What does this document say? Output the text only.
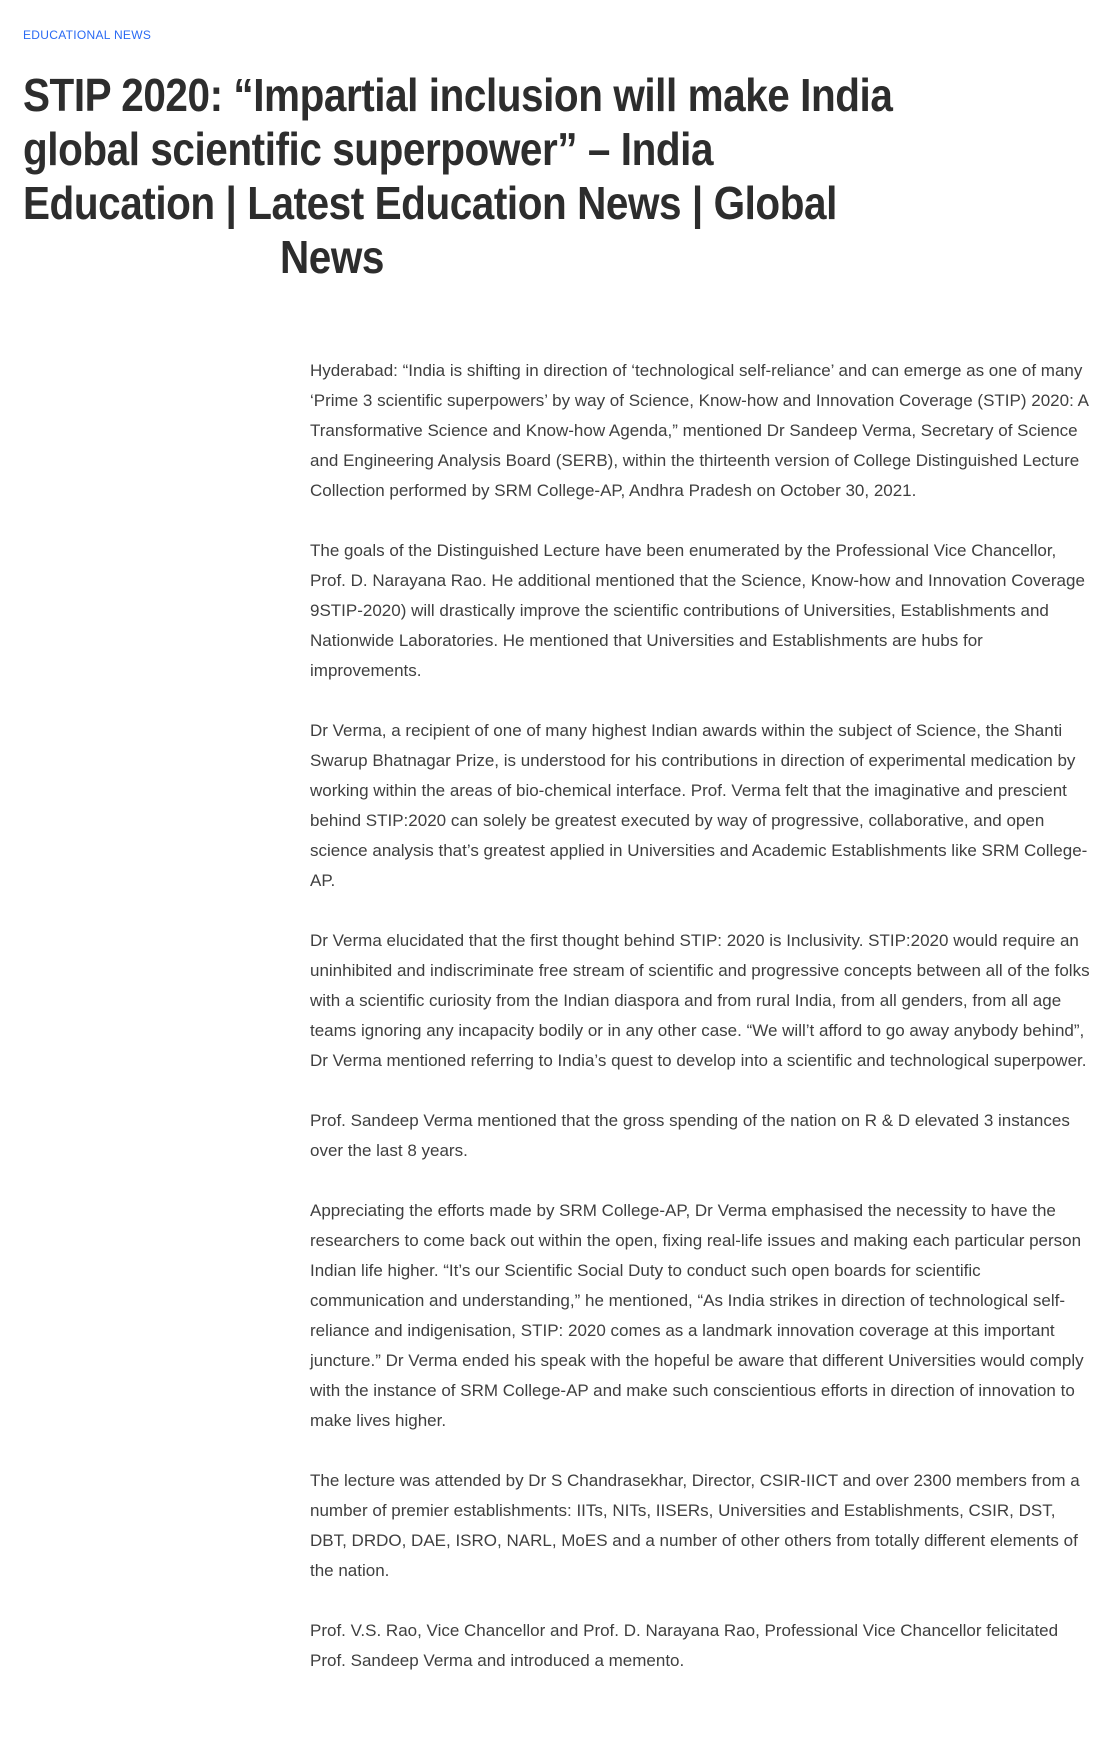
EDUCATIONAL NEWS
STIP 2020: “Impartial inclusion will make India
global scientific superpower” – India
Education | Latest Education News | Global
News

Hyderabad: “India is shifting in direction of ‘technological self-reliance’ and can emerge as one of many ‘Prime 3 scientific superpowers’ by way of Science, Know-how and Innovation Coverage (STIP) 2020: A Transformative Science and Know-how Agenda,” mentioned Dr Sandeep Verma, Secretary of Science and Engineering Analysis Board (SERB), within the thirteenth version of College Distinguished Lecture Collection performed by SRM College-AP, Andhra Pradesh on October 30, 2021.

The goals of the Distinguished Lecture have been enumerated by the Professional Vice Chancellor, Prof. D. Narayana Rao. He additional mentioned that the Science, Know-how and Innovation Coverage 9STIP-2020) will drastically improve the scientific contributions of Universities, Establishments and Nationwide Laboratories. He mentioned that Universities and Establishments are hubs for improvements.

Dr Verma, a recipient of one of many highest Indian awards within the subject of Science, the Shanti Swarup Bhatnagar Prize, is understood for his contributions in direction of experimental medication by working within the areas of bio-chemical interface. Prof. Verma felt that the imaginative and prescient behind STIP:2020 can solely be greatest executed by way of progressive, collaborative, and open science analysis that’s greatest applied in Universities and Academic Establishments like SRM College-AP.

Dr Verma elucidated that the first thought behind STIP: 2020 is Inclusivity. STIP:2020 would require an uninhibited and indiscriminate free stream of scientific and progressive concepts between all of the folks with a scientific curiosity from the Indian diaspora and from rural India, from all genders, from all age teams ignoring any incapacity bodily or in any other case. “We will’t afford to go away anybody behind”, Dr Verma mentioned referring to India’s quest to develop into a scientific and technological superpower.

Prof. Sandeep Verma mentioned that the gross spending of the nation on R & D elevated 3 instances over the last 8 years.

Appreciating the efforts made by SRM College-AP, Dr Verma emphasised the necessity to have the researchers to come back out within the open, fixing real-life issues and making each particular person Indian life higher. “It’s our Scientific Social Duty to conduct such open boards for scientific communication and understanding,” he mentioned, “As India strikes in direction of technological self-reliance and indigenisation, STIP: 2020 comes as a landmark innovation coverage at this important juncture.” Dr Verma ended his speak with the hopeful be aware that different Universities would comply with the instance of SRM College-AP and make such conscientious efforts in direction of innovation to make lives higher.

The lecture was attended by Dr S Chandrasekhar, Director, CSIR-IICT and over 2300 members from a number of premier establishments: IITs, NITs, IISERs, Universities and Establishments, CSIR, DST, DBT, DRDO, DAE, ISRO, NARL, MoES and a number of other others from totally different elements of the nation.

Prof. V.S. Rao, Vice Chancellor and Prof. D. Narayana Rao, Professional Vice Chancellor felicitated Prof. Sandeep Verma and introduced a memento.
